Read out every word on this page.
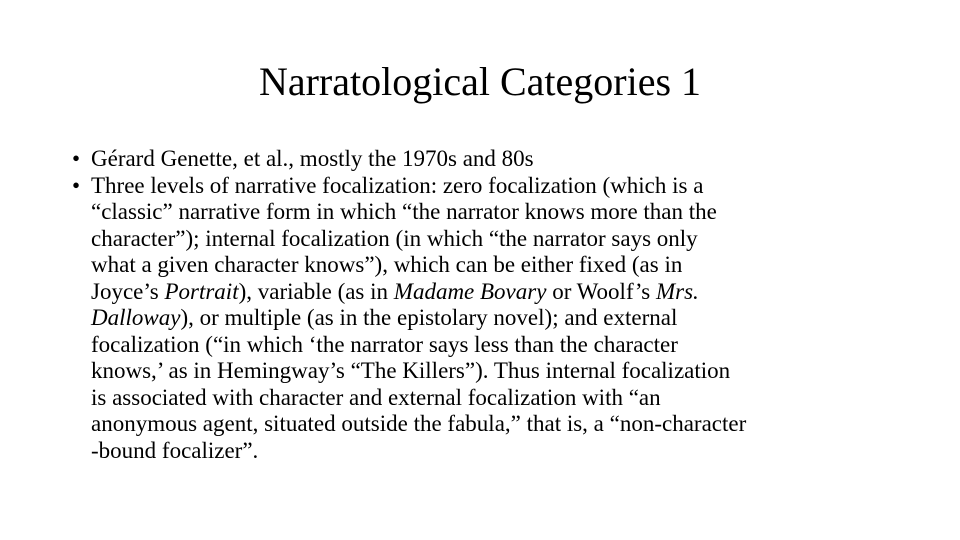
Narratological Categories 1
• Gérard Genette, et al., mostly the 1970s and 80s
• Three levels of narrative focalization: zero focalization (which is a
“classic” narrative form in which “the narrator knows more than the
character”); internal focalization (in which “the narrator says only
what a given character knows”), which can be either fixed (as in
Joyce’s Portrait), variable (as in Madame Bovary or Woolf’s Mrs.
Dalloway), or multiple (as in the epistolary novel); and external
focalization (“in which ‘the narrator says less than the character
knows,’ as in Hemingway’s “The Killers”). Thus internal focalization
is associated with character and external focalization with “an
anonymous agent, situated outside the fabula,” that is, a “non-character
-bound focalizer”.
